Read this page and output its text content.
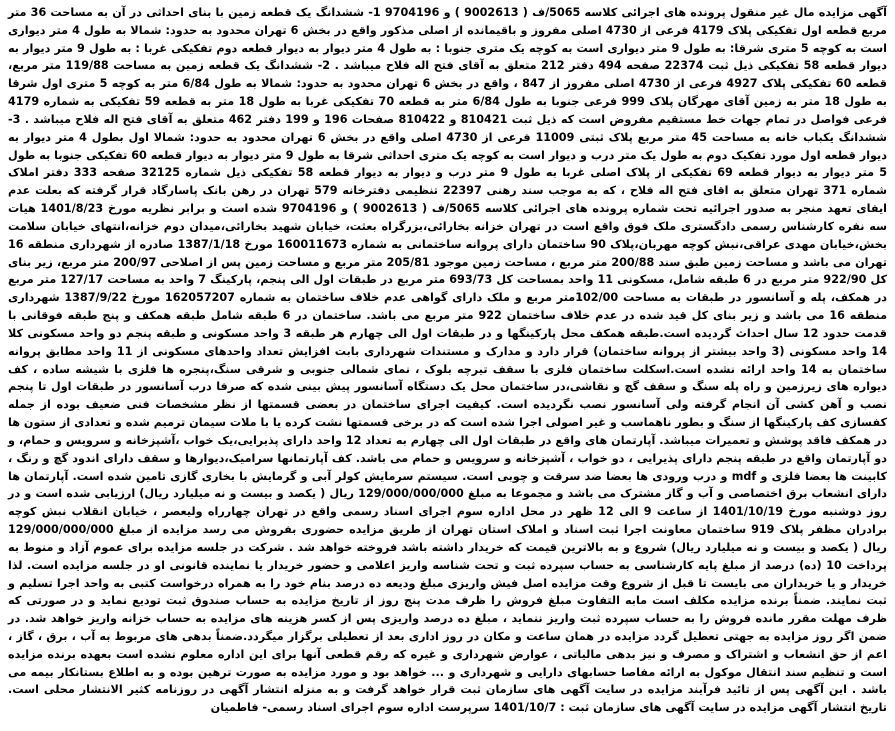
آگهی مزایده مال غیر منقول پرونده های اجرائی کلاسه 5065/ف ( 9002613 ) و 9704196 1- ششدانگ یک قطعه زمین با بنای احداثی در آن به مساحت 36 متر مربع قطعه اول تفکیکی پلاک 4179 فرعی از 4730 اصلی مفروز و باقیمانده از اصلی مذکور واقع در بخش 6 تهران محدود به حدود: شمالا به طول 4 متر دیواری است به کوچه 5 متری شرقا: به طول 9 متر دیواری است به کوچه یک متری جنوبا : به طول 4 متر دیوار به دیوار قطعه دوم تفکیکی غربا : به طول 9 متر دیوار به دیوار قطعه 58 تفکیکی ذیل ثبت 22374 صفحه 494 دفتر 212 متعلق به آقای فتح اله فلاح میباشد . 2- ششدانگ یک قطعه زمین به مساحت 119/88 متر مربع، قطعه 60 تفکیکی پلاک 4927 فرعی از 4730 اصلی مفروز از 847 ، واقع در بخش 6 تهران محدود به حدود: شمالا به طول 6/84 متر به کوچه 5 متری اول شرقا به طول 18 متر به زمین آقای مهرگان پلاک 999 فرعی جنوبا به طول 6/84 متر به قطعه 70 تفکیکی غربا به طول 18 متر به قطعه 59 تفکیکی به شماره 4179 فرعی فواصل در تمام جهات خط مستقیم مفروض است که ذیل ثبت 810421 و 810422 صفحات 196 و 199 دفتر 462 متعلق به آقای فتح اله فلاح میباشد . 3- ششدانگ یکباب خانه به مساحت 45 متر مربع پلاک ثبتی 11009 فرعی از 4730 اصلی واقع در بخش 6 تهران محدود به حدود: شمالا اول بطول 4 متر دیوار به دیوار قطعه اول مورد تفکیک دوم به طول یک متر درب و دیوار است به کوچه یک متری احداثی شرقا به طول 9 متر دیوار به دیوار قطعه 60 تفکیکی جنوبا به طول 5 متر دیوار به دیوار قطعه 69 تفکیکی از پلاک اصلی غربا به طول 9 متر درب و دیوار به دیوار قطعه 58 تفکیکی ذیل شماره 32125 صفحه 333 دفتر املاک شماره 371 تهران متعلق به اقای فتح اله فلاح ، که به موجب سند رهنی 22397 تنظیمی دفترخانه 579 تهران در رهن بانک پاسارگاد قرار گرفته که بعلت عدم ایفای تعهد منجر به صدور اجرائیه تحت شماره پرونده های اجرائی کلاسه 5065/ف ( 9002613 ) و 9704196 شده است و برابر نظریه مورخ 1401/8/23 هیات سه نفره کارشناس رسمی دادگستری ملک فوق واقع است در تهران خزانه بخارائی،بزرگراه بعثت، خیابان شهید بخارائی،میدان دوم خزانه،انتهای خیابان سلامت بخش،خیابان مهدی عراقی،نبش کوچه مهربان،پلاک 90 ساختمان دارای پروانه ساختمانی به شماره 160011673 مورخ 1387/1/18 صادره از شهرداری منطقه 16 تهران می باشد و مساحت زمین طبق سند 200/88 متر مربع ، مساحت زمین موجود 205/81 متر مربع و مساحت زمین پس از اصلاحی 200/97 متر مربع، زیر بنای کل 922/90 متر مربع در 6 طبقه شامل، مسکونی 11 واحد بمساحت کل 693/73 متر مربع در طبقات اول الی پنجم، پارکینگ 7 واحد به مساحت 127/17 متر مربع در همکف، پله و آسانسور در طبقات به مساحت 102/00متر مربع و ملک دارای گواهی عدم خلاف ساختمان به شماره 162057207 مورخ 1387/9/22 شهرداری منطقه 16 می باشد و زیر بنای کل قید شده در عدم خلاف ساختمان 922 متر مربع می باشد. ساختمان در 6 طبقه شامل طبقه همکف و پنج طبقه فوقانی با قدمت حدود 12 سال احداث گردیده است.طبقه همکف محل پارکینگها و در طبقات اول الی چهارم هر طبقه 3 واحد مسکونی و طبقه پنجم دو واحد مسکونی کلا 14 واحد مسکونی (3 واحد بیشتر از پروانه ساختمان) قرار دارد و مدارک و مستندات شهرداری بابت افزایش تعداد واحدهای مسکونی از 11 واحد مطابق پروانه ساختمان به 14 واحد ارائه نشده است.اسکلت ساختمان فلزی با سقف تیرچه بلوک ، نمای شمالی جنوبی و شرقی سنگ،پنجره ها فلزی با شیشه ساده ، کف دیواره های زیرزمین و راه پله سنگ و سقف گچ و نقاشی،در ساختمان محل یک دستگاه آسانسور پیش بینی شده که صرفا درب آسانسور در طبقات اول تا پنجم نصب و آهن کشی آن انجام گرفته ولی آسانسور نصب نگردیده است. کیفیت اجرای ساختمان در بعضی قسمتها از نظر مشخصات فنی ضعیف بوده از جمله کفسازی کف پارکینگها از سنگ و بطور ناهماسب و غیر اصولی اجرا شده است که در برخی قسمتها نشت کرده یا با ملات سیمان ترمیم شده و تعدادی از ستون ها در همکف فاقد پوشش و تعمیرات میباشد. آپارتمان های واقع در طبقات اول الی چهارم به تعداد 12 واحد دارای پذیرایی،یک خواب ،آشپزخانه و سرویس و حمام، و دو آپارتمان واقع در طبقه پنجم دارای پذیرایی ، دو خواب ، آشپزخانه و سرویس و حمام می باشد. کف آپارتمانها سرامیک،دیوارها و سقف دارای اندود گچ و رنگ ، کابینت ها بعضا فلزی و mdf و درب ورودی ها بعضا ضد سرقت و چوبی است. سیستم سرمایش کولر آبی و گرمایش با بخاری گازی تامین شده است. آپارتمان ها دارای انشعاب برق اختصاصی و آب و گاز مشترک می باشد و مجموعا به مبلغ 129/000/000/000 ریال ( یکصد و بیست و نه میلیارد ریال) ارزیابی شده است و در روز دوشنبه مورخ 1401/10/19 از ساعت 9 الی 12 ظهر در محل اداره سوم اجرای اسناد رسمی واقع در تهران چهارراه ولیعصر ، خیابان انقلاب نبش کوچه برادران مظفر پلاک 919 ساختمان معاونت اجرا ثبت اسناد و املاک استان تهران از طریق مزایده حضوری بفروش می رسد مزایده از مبلغ 129/000/000/000 ریال ( یکصد و بیست و نه میلیارد ریال) شروع و به بالاترین قیمت که خریدار داشته باشد فروخته خواهد شد . شرکت در جلسه مزایده برای عموم آزاد و منوط به پرداخت 10 (ده) درصد از مبلغ پایه کارشناسی به حساب سپرده ثبت و تحت شناسه واریز اعلامی و حضور خریدار یا نماینده قانونی او در جلسه مزایده است. لذا خریدار و یا خریداران می بایست تا قبل از شروع وقت مزایده اصل فیش واریزی مبلغ ودیعه ده درصد بنام خود را به همراه درخواست کتبی به واحد اجرا تسلیم و ثبت نمایند. ضمناً برنده مزایده مکلف است مابه التفاوت مبلغ فروش را ظرف مدت پنج روز از تاریخ مزایده به حساب صندوق ثبت تودیع نماید و در صورتی که ظرف مهلت مقرر مانده فروش را به حساب سپرده ثبت واریز ننماید ، مبلغ ده درصد واریزی پس از کسر هزینه های مزایده به حساب خزانه واریز خواهد شد. در ضمن اگر روز مزایده به جهتی تعطیل گردد مزایده در همان ساعت و مکان در روز اداری بعد از تعطیلی برگزار میگردد.ضمناً بدهی های مربوط به آب ، برق ، گاز ، اعم از حق انشعاب و اشتراک و مصرف و نیز بدهی مالیاتی ، عوارض شهرداری و غیره که رقم قطعی آنها برای این اداره معلوم نشده است بعهده برنده مزایده است و تنظیم سند انتقال موکول به ارائه مفاصا حسابهای دارایی و شهرداری و ... خواهد بود و مورد مزایده به صورت ترهین بوده و به اطلاع بستانکار بیمه می باشد . این آگهی پس از تائید فرآیند مزایده در سایت آگهی های سازمان ثبت قرار خواهد گرفت و به منزله انتشار آگهی در روزنامه کثیر الانتشار محلی است. تاریخ انتشار آگهی مزایده در سایت آگهی های سازمان ثبت : 1401/10/7 سرپرست اداره سوم اجرای اسناد رسمی- فاطمیان
